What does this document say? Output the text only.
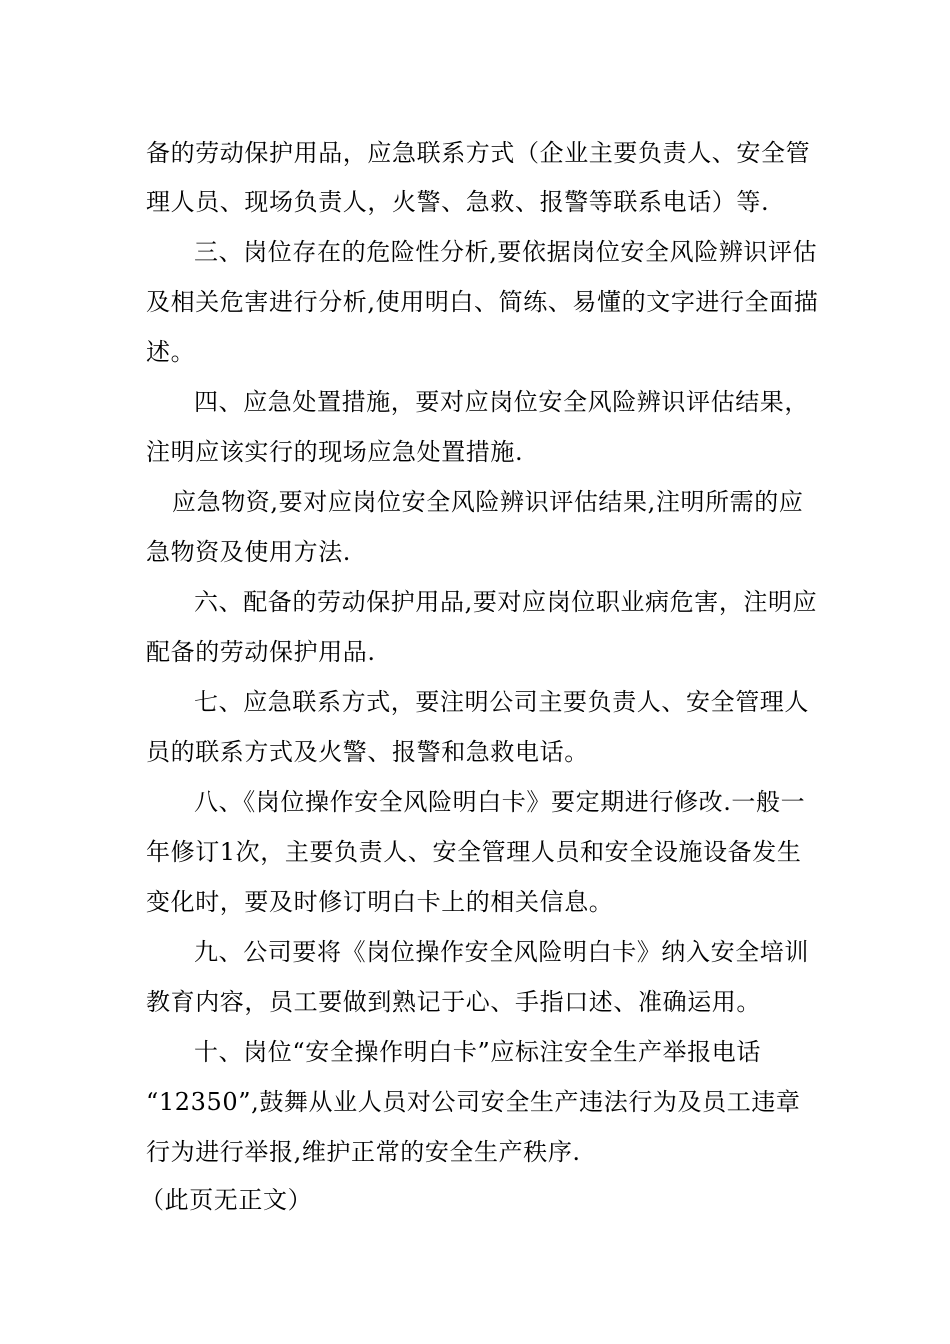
备的劳动保护用品，应急联系方式（企业主要负责人、安全管

理人员、现场负责人，火警、急救、报警等联系电话）等.

三、岗位存在的危险性分析,要依据岗位安全风险辨识评估

及相关危害进行分析,使用明白、简练、易懂的文字进行全面描

述。

四、应急处置措施，要对应岗位安全风险辨识评估结果，

注明应该实行的现场应急处置措施.

应急物资,要对应岗位安全风险辨识评估结果,注明所需的应

急物资及使用方法.

六、配备的劳动保护用品,要对应岗位职业病危害，注明应

配备的劳动保护用品.

七、应急联系方式，要注明公司主要负责人、安全管理人

员的联系方式及火警、报警和急救电话。

八、《岗位操作安全风险明白卡》要定期进行修改.一般一

年修订1次，主要负责人、安全管理人员和安全设施设备发生

变化时，要及时修订明白卡上的相关信息。

九、公司要将《岗位操作安全风险明白卡》纳入安全培训

教育内容，员工要做到熟记于心、手指口述、准确运用。

十、岗位“安全操作明白卡”应标注安全生产举报电话

“12350”,鼓舞从业人员对公司安全生产违法行为及员工违章

行为进行举报,维护正常的安全生产秩序.

（此页无正文）
